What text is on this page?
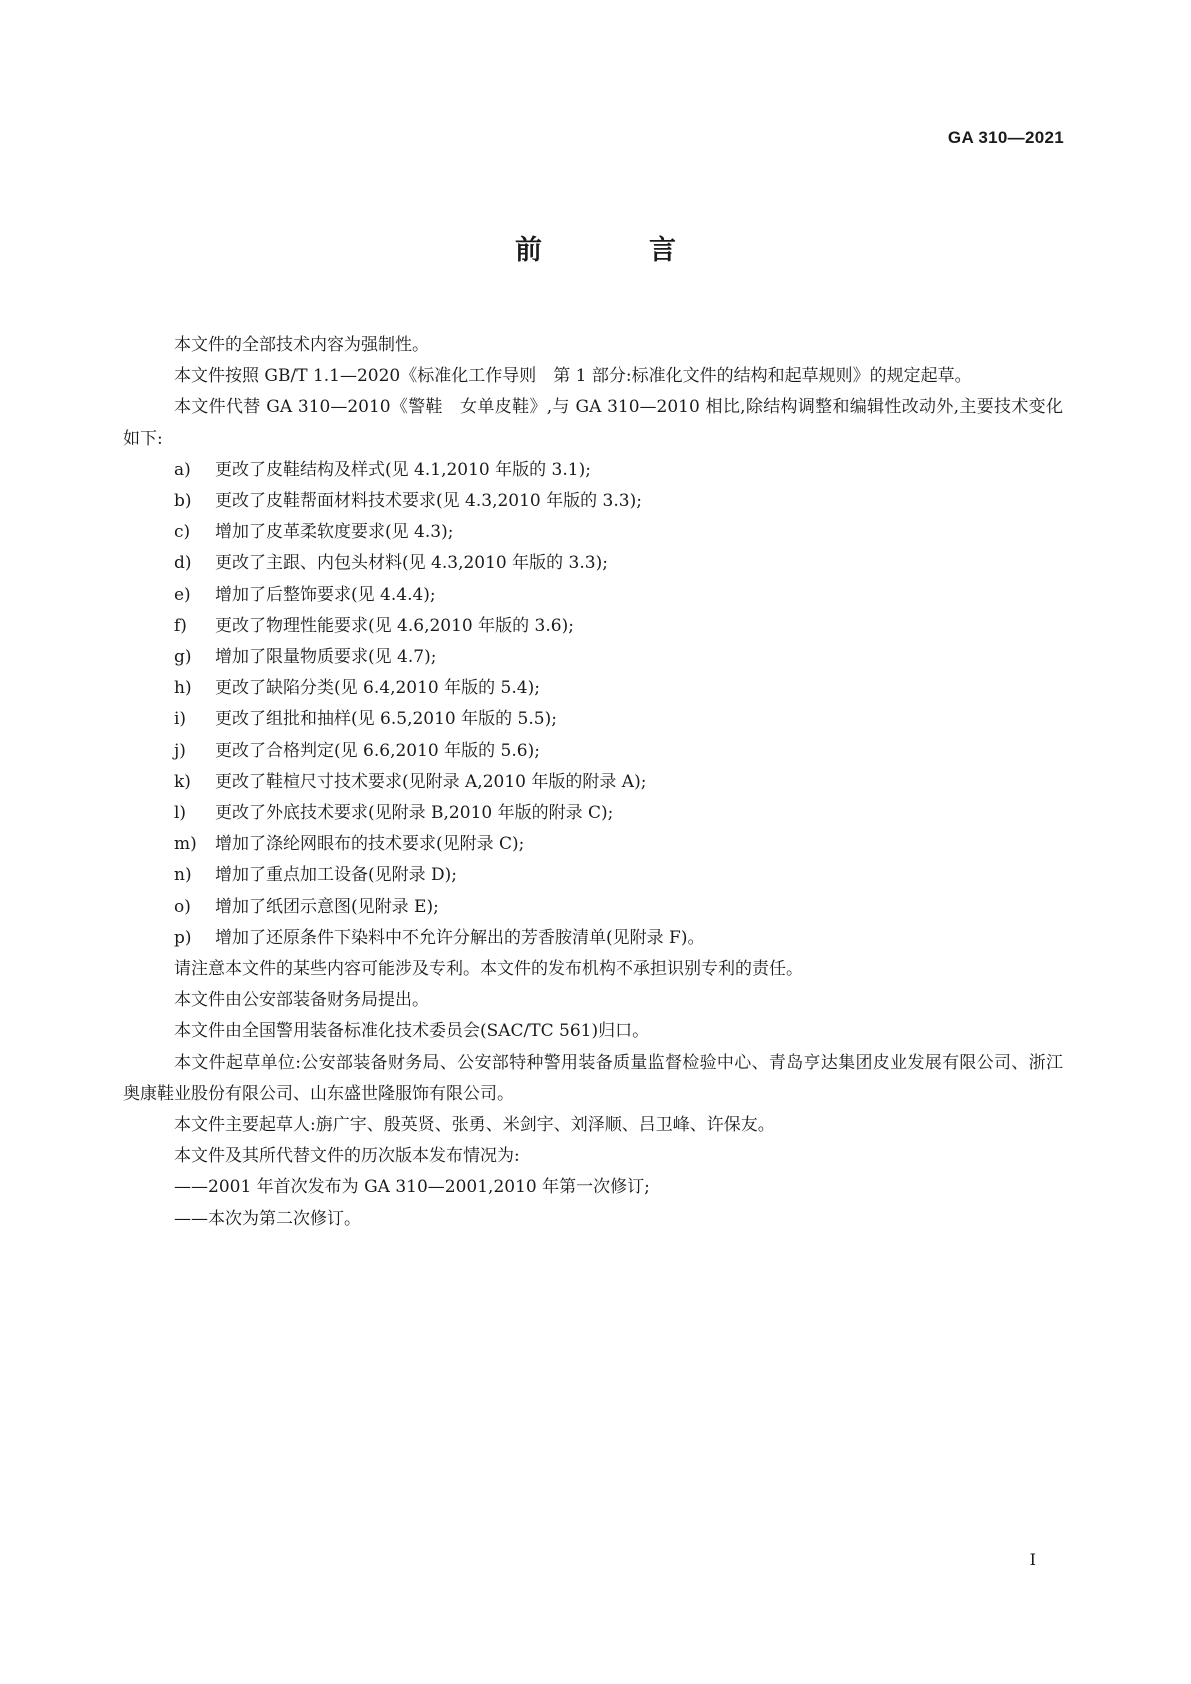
GA 310—2021
前　言

本文件的全部技术内容为强制性。

本文件按照 GB/T 1.1—2020《标准化工作导则　第 1 部分:标准化文件的结构和起草规则》的规定起草。

本文件代替 GA 310—2010《警鞋　女单皮鞋》,与 GA 310—2010 相比,除结构调整和编辑性改动外,主要技术变化如下:

a) 更改了皮鞋结构及样式(见 4.1,2010 年版的 3.1);
b) 更改了皮鞋帮面材料技术要求(见 4.3,2010 年版的 3.3);
c) 增加了皮革柔软度要求(见 4.3);
d) 更改了主跟、内包头材料(见 4.3,2010 年版的 3.3);
e) 增加了后整饰要求(见 4.4.4);
f) 更改了物理性能要求(见 4.6,2010 年版的 3.6);
g) 增加了限量物质要求(见 4.7);
h) 更改了缺陷分类(见 6.4,2010 年版的 5.4);
i) 更改了组批和抽样(见 6.5,2010 年版的 5.5);
j) 更改了合格判定(见 6.6,2010 年版的 5.6);
k) 更改了鞋楦尺寸技术要求(见附录 A,2010 年版的附录 A);
l) 更改了外底技术要求(见附录 B,2010 年版的附录 C);
m) 增加了涤纶网眼布的技术要求(见附录 C);
n) 增加了重点加工设备(见附录 D);
o) 增加了纸团示意图(见附录 E);
p) 增加了还原条件下染料中不允许分解出的芳香胺清单(见附录 F)。

请注意本文件的某些内容可能涉及专利。本文件的发布机构不承担识别专利的责任。

本文件由公安部装备财务局提出。

本文件由全国警用装备标准化技术委员会(SAC/TC 561)归口。

本文件起草单位:公安部装备财务局、公安部特种警用装备质量监督检验中心、青岛亨达集团皮业发展有限公司、浙江奥康鞋业股份有限公司、山东盛世隆服饰有限公司。

本文件主要起草人:旃广宇、殷英贤、张勇、米剑宇、刘泽顺、吕卫峰、许保友。

本文件及其所代替文件的历次版本发布情况为:

——2001 年首次发布为 GA 310—2001,2010 年第一次修订;
——本次为第二次修订。
I
